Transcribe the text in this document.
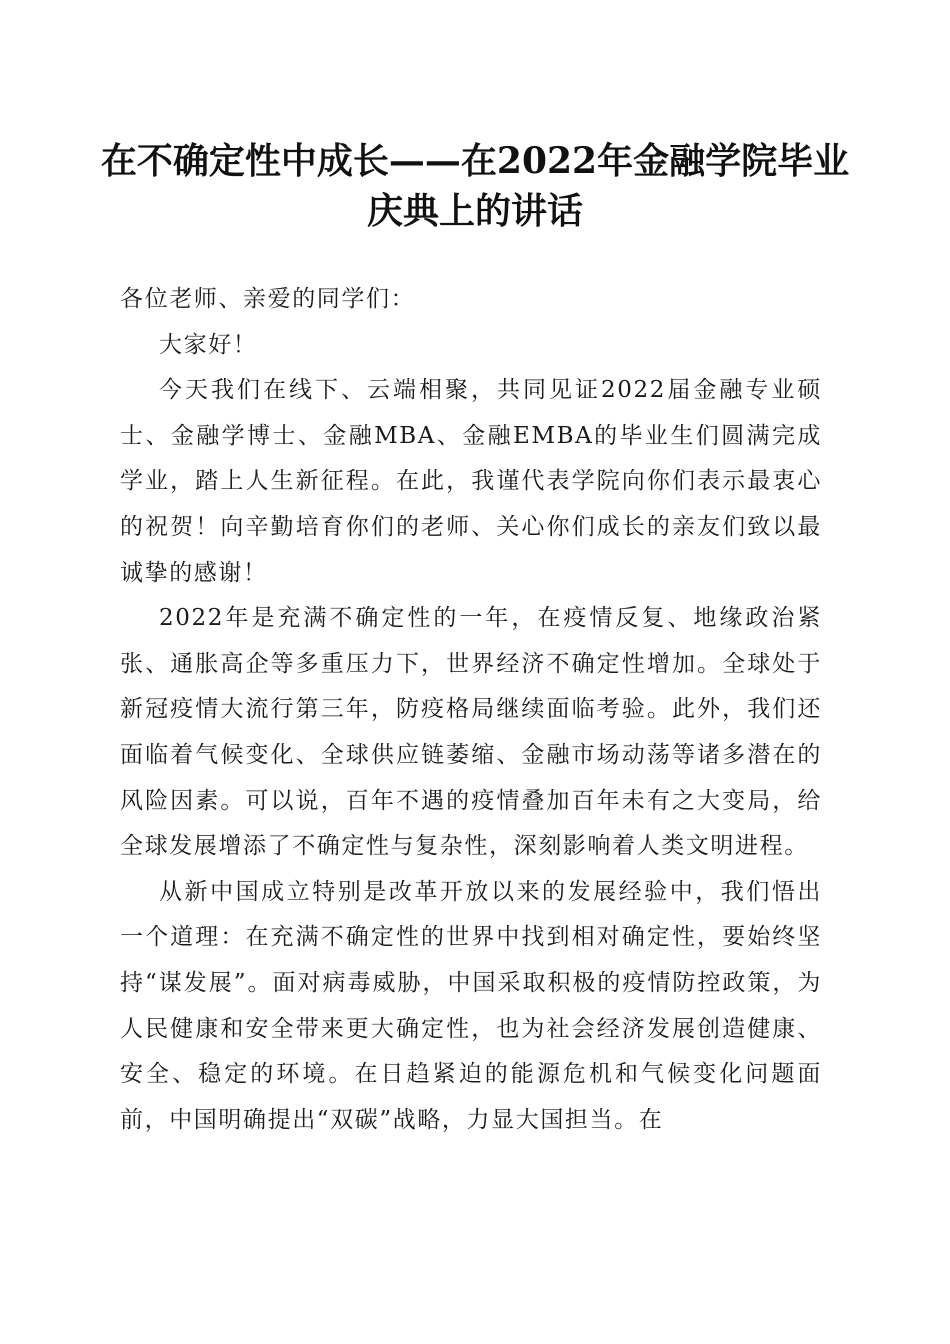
在不确定性中成长——在2022年金融学院毕业庆典上的讲话

各位老师、亲爱的同学们：

大家好！

今天我们在线下、云端相聚，共同见证2022届金融专业硕士、金融学博士、金融MBA、金融EMBA的毕业生们圆满完成学业，踏上人生新征程。在此，我谨代表学院向你们表示最衷心的祝贺！向辛勤培育你们的老师、关心你们成长的亲友们致以最诚挚的感谢！

2022年是充满不确定性的一年，在疫情反复、地缘政治紧张、通胀高企等多重压力下，世界经济不确定性增加。全球处于新冠疫情大流行第三年，防疫格局继续面临考验。此外，我们还面临着气候变化、全球供应链萎缩、金融市场动荡等诸多潜在的风险因素。可以说，百年不遇的疫情叠加百年未有之大变局，给全球发展增添了不确定性与复杂性，深刻影响着人类文明进程。

从新中国成立特别是改革开放以来的发展经验中，我们悟出一个道理：在充满不确定性的世界中找到相对确定性，要始终坚持“谋发展”。面对病毒威胁，中国采取积极的疫情防控政策，为人民健康和安全带来更大确定性，也为社会经济发展创造健康、安全、稳定的环境。在日趋紧迫的能源危机和气候变化问题面前，中国明确提出“双碳”战略，力显大国担当。在
